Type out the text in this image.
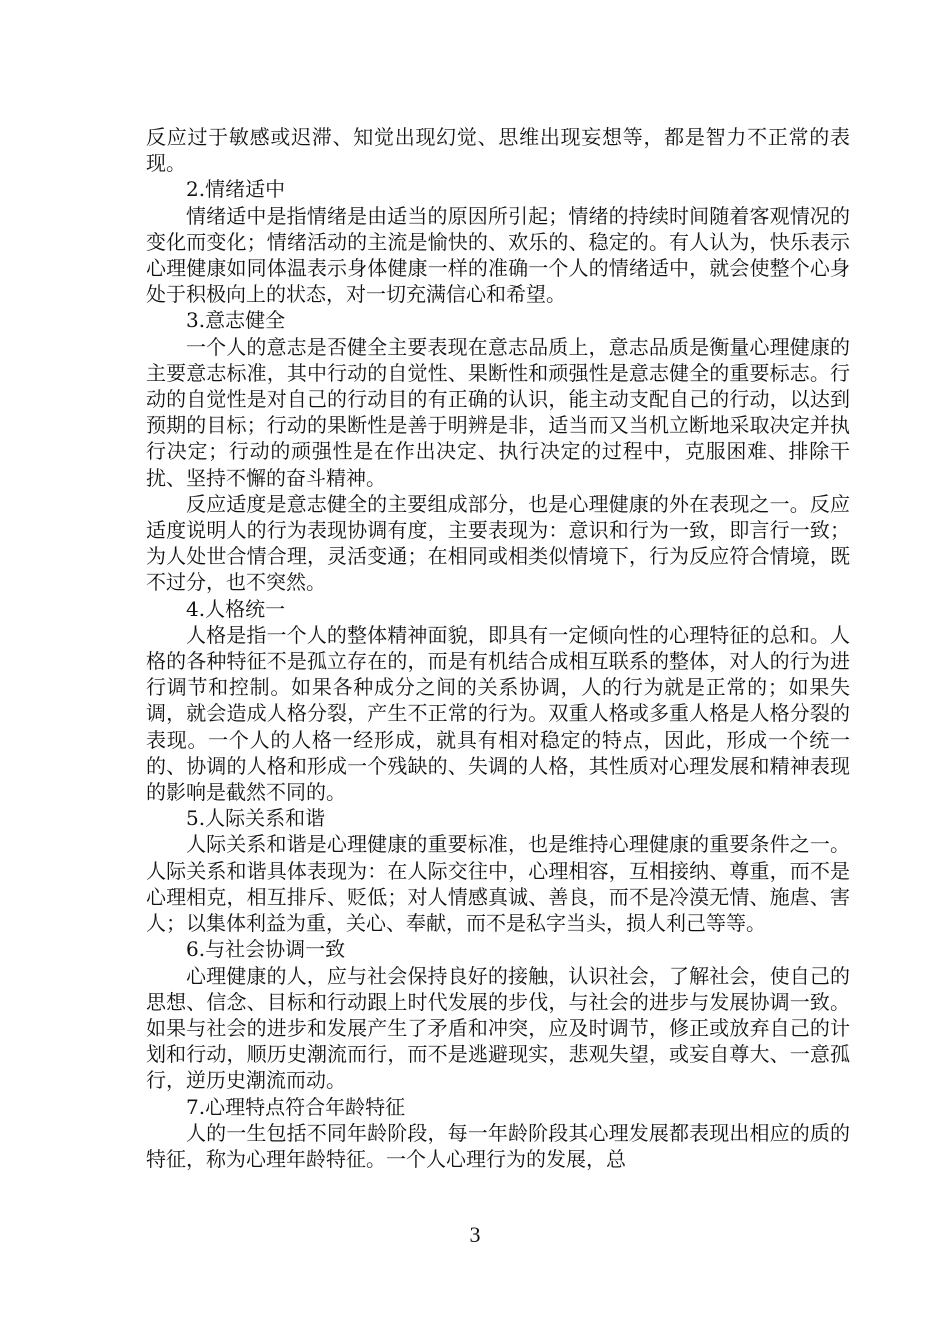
反应过于敏感或迟滞、知觉出现幻觉、思维出现妄想等，都是智力不正常的表现。

2.情绪适中

情绪适中是指情绪是由适当的原因所引起；情绪的持续时间随着客观情况的变化而变化；情绪活动的主流是愉快的、欢乐的、稳定的。有人认为，快乐表示心理健康如同体温表示身体健康一样的准确一个人的情绪适中，就会使整个心身处于积极向上的状态，对一切充满信心和希望。

3.意志健全

一个人的意志是否健全主要表现在意志品质上，意志品质是衡量心理健康的主要意志标准，其中行动的自觉性、果断性和顽强性是意志健全的重要标志。行动的自觉性是对自己的行动目的有正确的认识，能主动支配自己的行动，以达到预期的目标；行动的果断性是善于明辨是非，适当而又当机立断地采取决定并执行决定；行动的顽强性是在作出决定、执行决定的过程中，克服困难、排除干扰、坚持不懈的奋斗精神。

反应适度是意志健全的主要组成部分，也是心理健康的外在表现之一。反应适度说明人的行为表现协调有度，主要表现为：意识和行为一致，即言行一致；为人处世合情合理，灵活变通；在相同或相类似情境下，行为反应符合情境，既不过分，也不突然。

4.人格统一

人格是指一个人的整体精神面貌，即具有一定倾向性的心理特征的总和。人格的各种特征不是孤立存在的，而是有机结合成相互联系的整体，对人的行为进行调节和控制。如果各种成分之间的关系协调，人的行为就是正常的；如果失调，就会造成人格分裂，产生不正常的行为。双重人格或多重人格是人格分裂的表现。一个人的人格一经形成，就具有相对稳定的特点，因此，形成一个统一的、协调的人格和形成一个残缺的、失调的人格，其性质对心理发展和精神表现的影响是截然不同的。

5.人际关系和谐

人际关系和谐是心理健康的重要标准，也是维持心理健康的重要条件之一。人际关系和谐具体表现为：在人际交往中，心理相容，互相接纳、尊重，而不是心理相克，相互排斥、贬低；对人情感真诚、善良，而不是冷漠无情、施虐、害人；以集体利益为重，关心、奉献，而不是私字当头，损人利己等等。

6.与社会协调一致

心理健康的人，应与社会保持良好的接触，认识社会，了解社会，使自己的思想、信念、目标和行动跟上时代发展的步伐，与社会的进步与发展协调一致。如果与社会的进步和发展产生了矛盾和冲突，应及时调节，修正或放弃自己的计划和行动，顺历史潮流而行，而不是逃避现实，悲观失望，或妄自尊大、一意孤行，逆历史潮流而动。

7.心理特点符合年龄特征

人的一生包括不同年龄阶段，每一年龄阶段其心理发展都表现出相应的质的特征，称为心理年龄特征。一个人心理行为的发展，总

3
